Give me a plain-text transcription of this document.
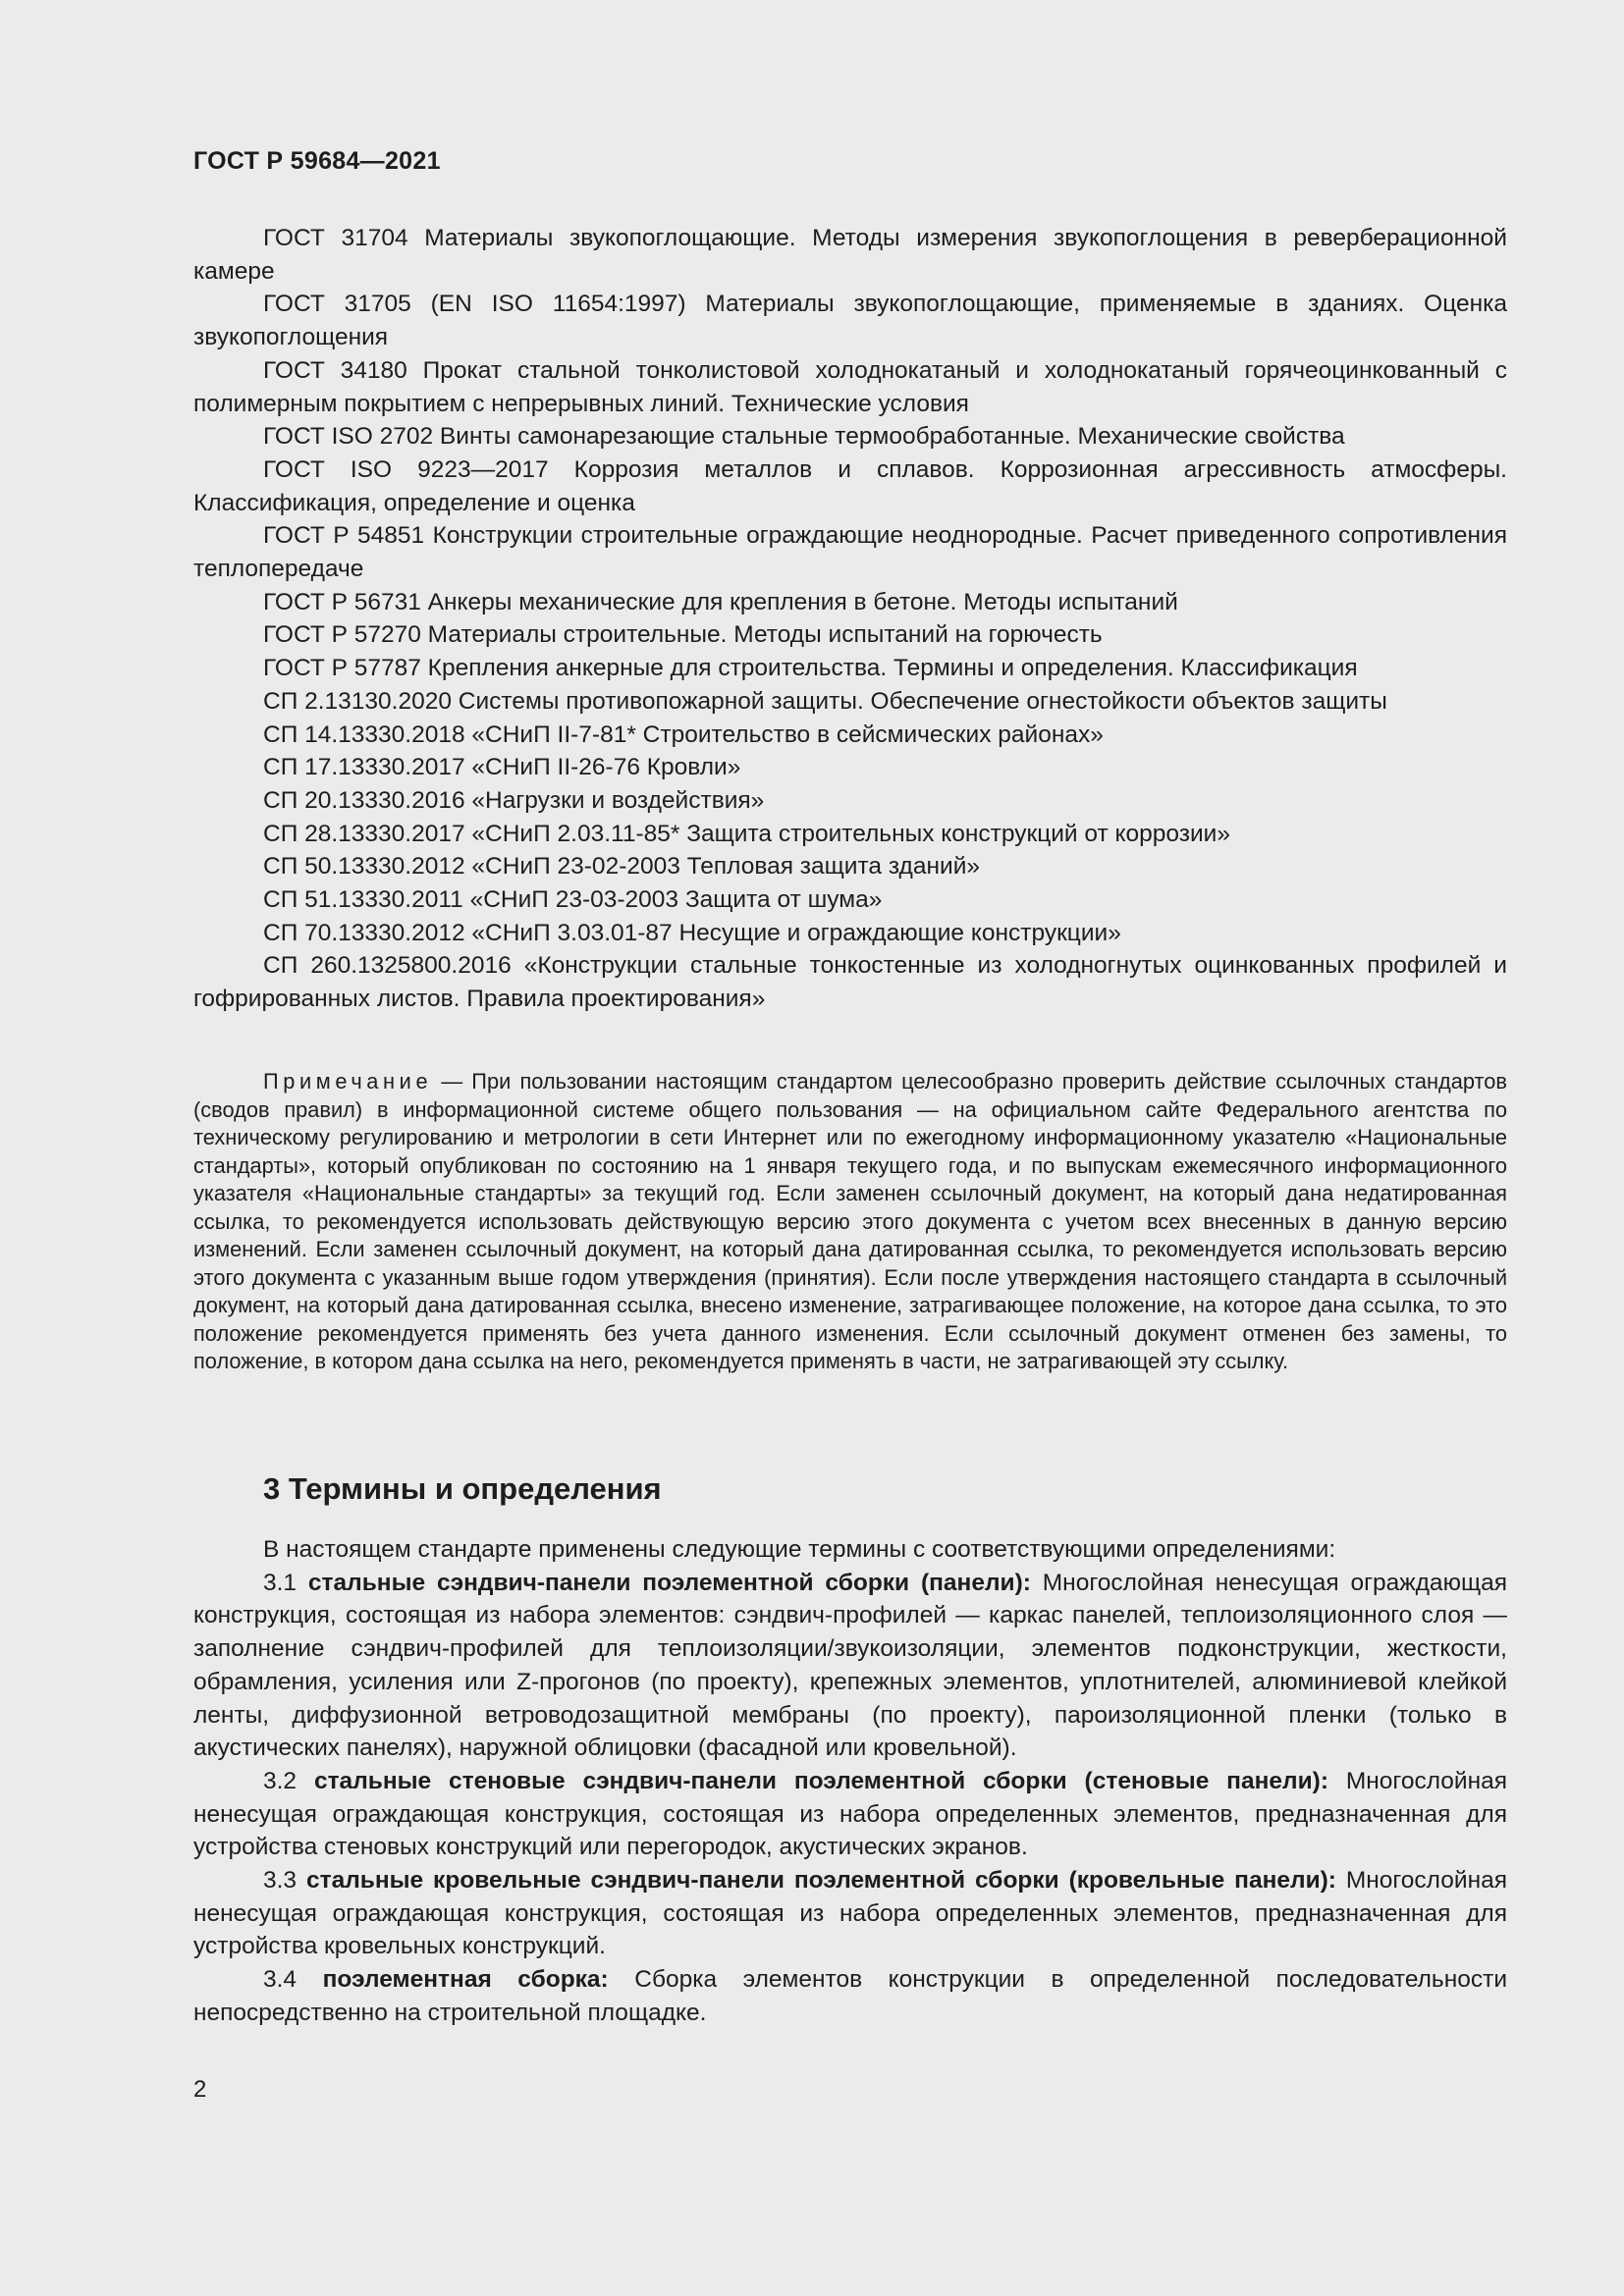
ГОСТ Р 59684—2021

ГОСТ 31704 Материалы звукопоглощающие. Методы измерения звукопоглощения в реверберационной камере

ГОСТ 31705 (EN ISO 11654:1997) Материалы звукопоглощающие, применяемые в зданиях. Оценка звукопоглощения

ГОСТ 34180 Прокат стальной тонколистовой холоднокатаный и холоднокатаный горячеоцинкованный с полимерным покрытием с непрерывных линий. Технические условия

ГОСТ ISO 2702 Винты самонарезающие стальные термообработанные. Механические свойства

ГОСТ ISO 9223—2017 Коррозия металлов и сплавов. Коррозионная агрессивность атмосферы. Классификация, определение и оценка

ГОСТ Р 54851 Конструкции строительные ограждающие неоднородные. Расчет приведенного сопротивления теплопередаче

ГОСТ Р 56731 Анкеры механические для крепления в бетоне. Методы испытаний

ГОСТ Р 57270 Материалы строительные. Методы испытаний на горючесть

ГОСТ Р 57787 Крепления анкерные для строительства. Термины и определения. Классификация

СП 2.13130.2020 Системы противопожарной защиты. Обеспечение огнестойкости объектов защиты

СП 14.13330.2018 «СНиП II-7-81* Строительство в сейсмических районах»

СП 17.13330.2017 «СНиП II-26-76 Кровли»

СП 20.13330.2016 «Нагрузки и воздействия»

СП 28.13330.2017 «СНиП 2.03.11-85* Защита строительных конструкций от коррозии»

СП 50.13330.2012 «СНиП 23-02-2003 Тепловая защита зданий»

СП 51.13330.2011 «СНиП 23-03-2003 Защита от шума»

СП 70.13330.2012 «СНиП 3.03.01-87 Несущие и ограждающие конструкции»

СП 260.1325800.2016 «Конструкции стальные тонкостенные из холодногнутых оцинкованных профилей и гофрированных листов. Правила проектирования»

Примечание — При пользовании настоящим стандартом целесообразно проверить действие ссылочных стандартов (сводов правил) в информационной системе общего пользования — на официальном сайте Федерального агентства по техническому регулированию и метрологии в сети Интернет или по ежегодному информационному указателю «Национальные стандарты», который опубликован по состоянию на 1 января текущего года, и по выпускам ежемесячного информационного указателя «Национальные стандарты» за текущий год. Если заменен ссылочный документ, на который дана недатированная ссылка, то рекомендуется использовать действующую версию этого документа с учетом всех внесенных в данную версию изменений. Если заменен ссылочный документ, на который дана датированная ссылка, то рекомендуется использовать версию этого документа с указанным выше годом утверждения (принятия). Если после утверждения настоящего стандарта в ссылочный документ, на который дана датированная ссылка, внесено изменение, затрагивающее положение, на которое дана ссылка, то это положение рекомендуется применять без учета данного изменения. Если ссылочный документ отменен без замены, то положение, в котором дана ссылка на него, рекомендуется применять в части, не затрагивающей эту ссылку.

3 Термины и определения

В настоящем стандарте применены следующие термины с соответствующими определениями:

3.1 стальные сэндвич-панели поэлементной сборки (панели): Многослойная ненесущая ограждающая конструкция, состоящая из набора элементов: сэндвич-профилей — каркас панелей, теплоизоляционного слоя — заполнение сэндвич-профилей для теплоизоляции/звукоизоляции, элементов подконструкции, жесткости, обрамления, усиления или Z-прогонов (по проекту), крепежных элементов, уплотнителей, алюминиевой клейкой ленты, диффузионной ветроводозащитной мембраны (по проекту), пароизоляционной пленки (только в акустических панелях), наружной облицовки (фасадной или кровельной).

3.2 стальные стеновые сэндвич-панели поэлементной сборки (стеновые панели): Многослойная ненесущая ограждающая конструкция, состоящая из набора определенных элементов, предназначенная для устройства стеновых конструкций или перегородок, акустических экранов.

3.3 стальные кровельные сэндвич-панели поэлементной сборки (кровельные панели): Многослойная ненесущая ограждающая конструкция, состоящая из набора определенных элементов, предназначенная для устройства кровельных конструкций.

3.4 поэлементная сборка: Сборка элементов конструкции в определенной последовательности непосредственно на строительной площадке.

2
